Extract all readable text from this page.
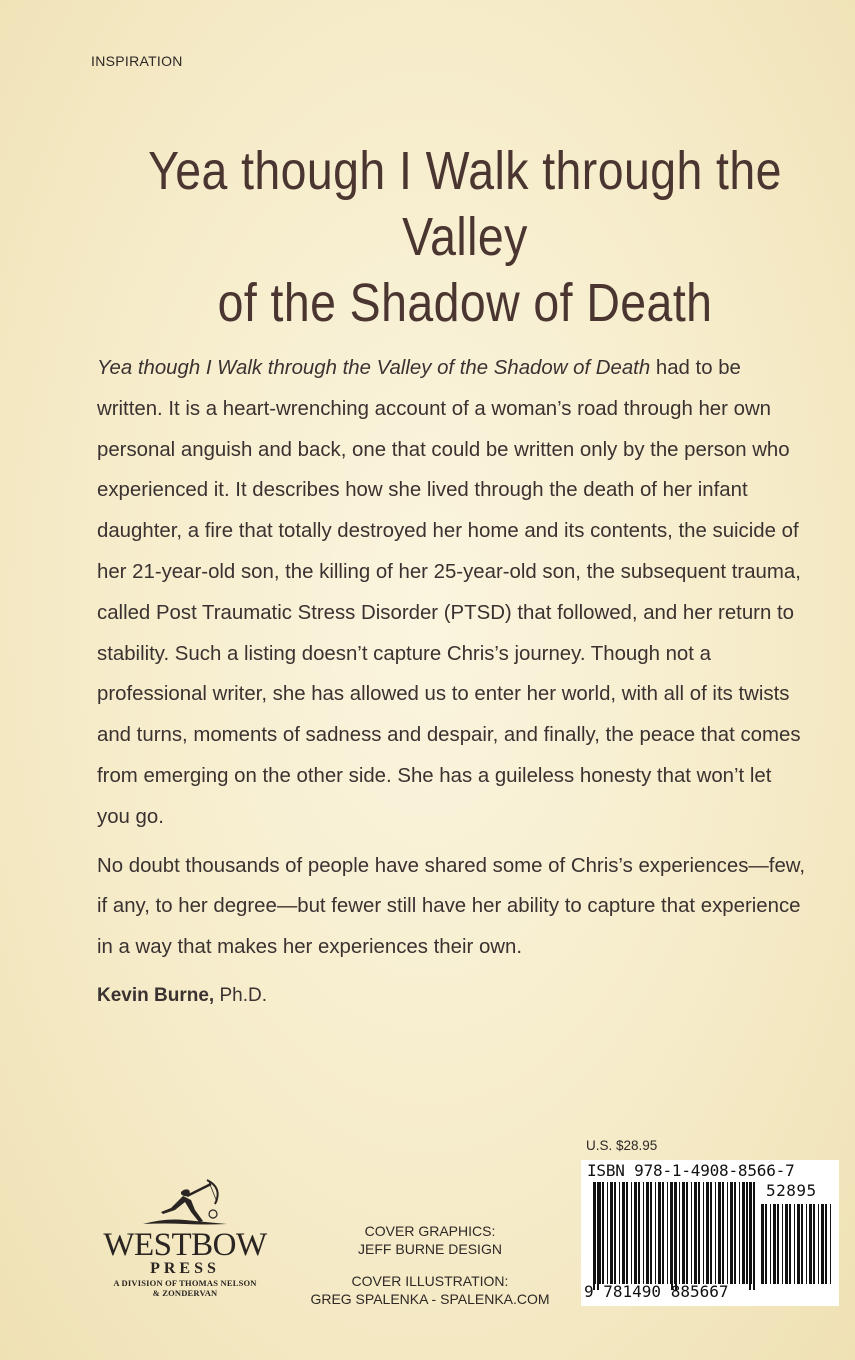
INSPIRATION
Yea though I Walk through the Valley
of the Shadow of Death

Yea though I Walk through the Valley of the Shadow of Death had to be written. It is a heart-wrenching account of a woman’s road through her own personal anguish and back, one that could be written only by the person who experienced it. It describes how she lived through the death of her infant daughter, a fire that totally destroyed her home and its contents, the suicide of her 21-year-old son, the killing of her 25-year-old son, the subsequent trauma, called Post Traumatic Stress Disorder (PTSD) that followed, and her return to stability. Such a listing doesn’t capture Chris’s journey. Though not a professional writer, she has allowed us to enter her world, with all of its twists and turns, moments of sadness and despair, and finally, the peace that comes from emerging on the other side. She has a guileless honesty that won’t let you go.

No doubt thousands of people have shared some of Chris’s experiences—few, if any, to her degree—but fewer still have her ability to capture that experience in a way that makes her experiences their own.

Kevin Burne, Ph.D.
WESTBOW
PRESS
A DIVISION OF THOMAS NELSON
& ZONDERVAN
COVER GRAPHICS:
JEFF BURNE DESIGN
COVER ILLUSTRATION:
GREG SPALENKA - SPALENKA.COM
U.S. $28.95
ISBN 978-1-4908-8566-7
52895
9 781490 885667
